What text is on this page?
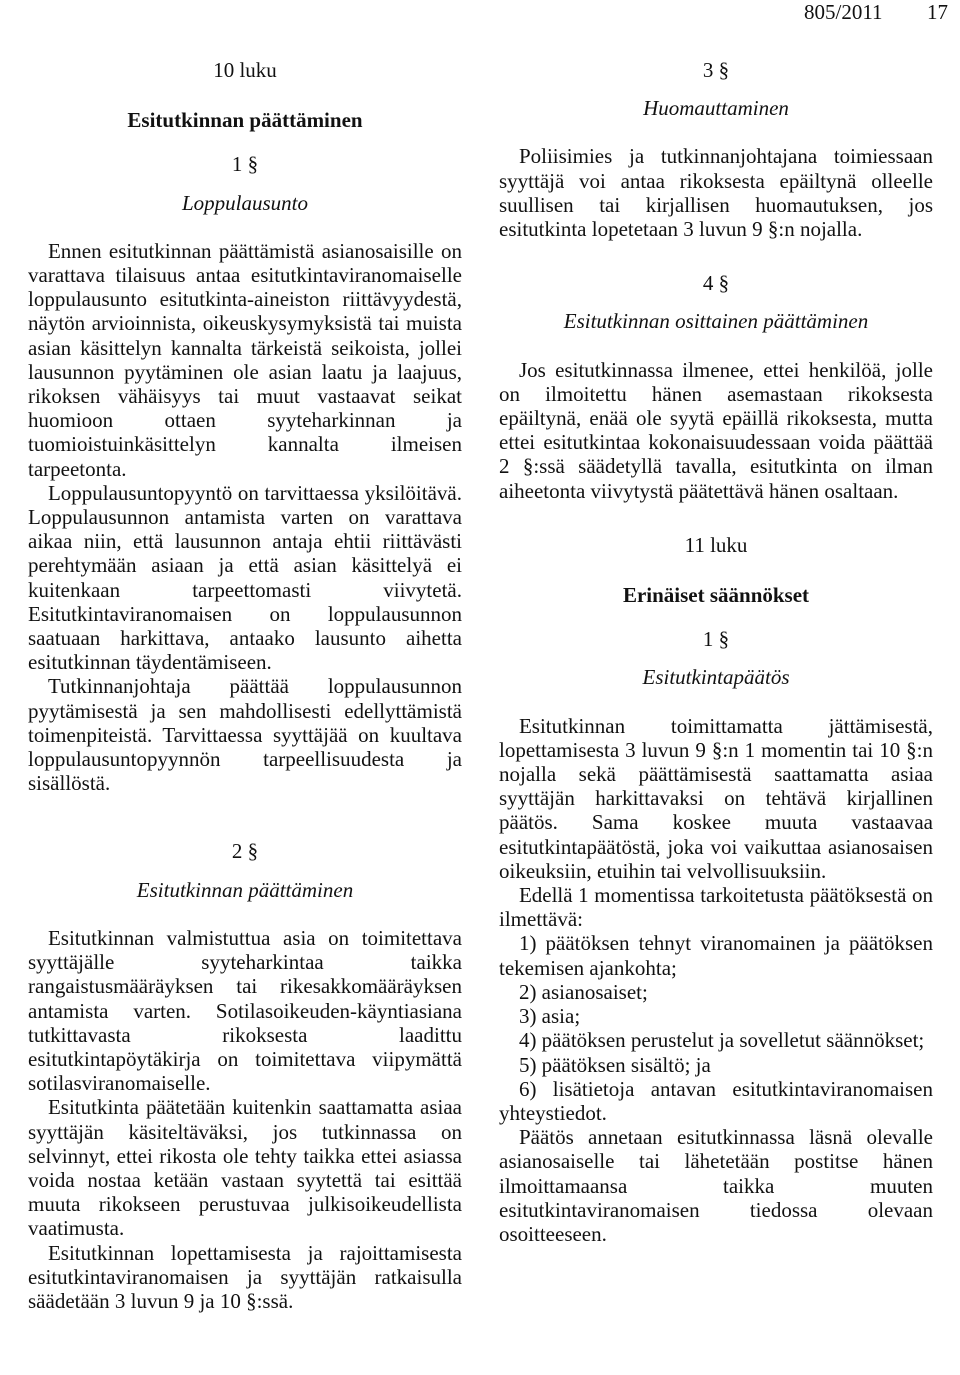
805/2011 17
10 luku
Esitutkinnan päättäminen
1 §
Loppulausunto

Ennen esitutkinnan päättämistä asianosaisille on varattava tilaisuus antaa esitutkintaviranomaiselle loppulausunto esitutkinta-aineiston riittävyydestä, näytön arvioinnista, oikeuskysymyksistä tai muista asian käsittelyn kannalta tärkeistä seikoista, jollei lausunnon pyytäminen ole asian laatu ja laajuus, rikoksen vähäisyys tai muut vastaavat seikat huomioon ottaen syyteharkinnan ja tuomioistuinkäsittelyn kannalta ilmeisen tarpeetonta.

Loppulausuntopyyntö on tarvittaessa yksilöitävä. Loppulausunnon antamista varten on varattava aikaa niin, että lausunnon antaja ehtii riittävästi perehtymään asiaan ja että asian käsittelyä ei kuitenkaan tarpeettomasti viivytetä. Esitutkintaviranomaisen on loppulausunnon saatuaan harkittava, antaako lausunto aihetta esitutkinnan täydentämiseen.

Tutkinnanjohtaja päättää loppulausunnon pyytämisestä ja sen mahdollisesti edellyttämistä toimenpiteistä. Tarvittaessa syyttäjää on kuultava loppulausuntopyynnön tarpeellisuudesta ja sisällöstä.

2 §
Esitutkinnan päättäminen

Esitutkinnan valmistuttua asia on toimitettava syyttäjälle syyteharkintaa taikka rangaistusmääräyksen tai rikesakkomääräyksen antamista varten. Sotilasoikeuden-käyntiasiana tutkittavasta rikoksesta laadittu esitutkintapöytäkirja on toimitettava viipymättä sotilasviranomaiselle.

Esitutkinta päätetään kuitenkin saattamatta asiaa syyttäjän käsiteltäväksi, jos tutkinnassa on selvinnyt, ettei rikosta ole tehty taikka ettei asiassa voida nostaa ketään vastaan syytettä tai esittää muuta rikokseen perustuvaa julkisoikeudellista vaatimusta.

Esitutkinnan lopettamisesta ja rajoittamisesta esitutkintaviranomaisen ja syyttäjän ratkaisulla säädetään 3 luvun 9 ja 10 §:ssä.

3 §
Huomauttaminen

Poliisimies ja tutkinnanjohtajana toimiessaan syyttäjä voi antaa rikoksesta epäiltynä olleelle suullisen tai kirjallisen huomautuksen, jos esitutkinta lopetetaan 3 luvun 9 §:n nojalla.

4 §
Esitutkinnan osittainen päättäminen

Jos esitutkinnassa ilmenee, ettei henkilöä, jolle on ilmoitettu hänen asemastaan rikoksesta epäiltynä, enää ole syytä epäillä rikoksesta, mutta ettei esitutkintaa kokonaisuudessaan voida päättää 2 §:ssä säädetyllä tavalla, esitutkinta on ilman aiheetonta viivytystä päätettävä hänen osaltaan.

11 luku
Erinäiset säännökset
1 §
Esitutkintapäätös

Esitutkinnan toimittamatta jättämisestä, lopettamisesta 3 luvun 9 §:n 1 momentin tai 10 §:n nojalla sekä päättämisestä saattamatta asiaa syyttäjän harkittavaksi on tehtävä kirjallinen päätös. Sama koskee muuta vastaavaa esitutkintapäätöstä, joka voi vaikuttaa asianosaisen oikeuksiin, etuihin tai velvollisuuksiin.

Edellä 1 momentissa tarkoitetusta päätöksestä on ilmettävä:

1) päätöksen tehnyt viranomainen ja päätöksen tekemisen ajankohta;
2) asianosaiset;
3) asia;
4) päätöksen perustelut ja sovelletut säännökset;
5) päätöksen sisältö; ja
6) lisätietoja antavan esitutkintaviranomaisen yhteystiedot.

Päätös annetaan esitutkinnassa läsnä olevalle asianosaiselle tai lähetetään postitse hänen ilmoittamaansa taikka muuten esitutkintaviranomaisen tiedossa olevaan osoitteeseen.
